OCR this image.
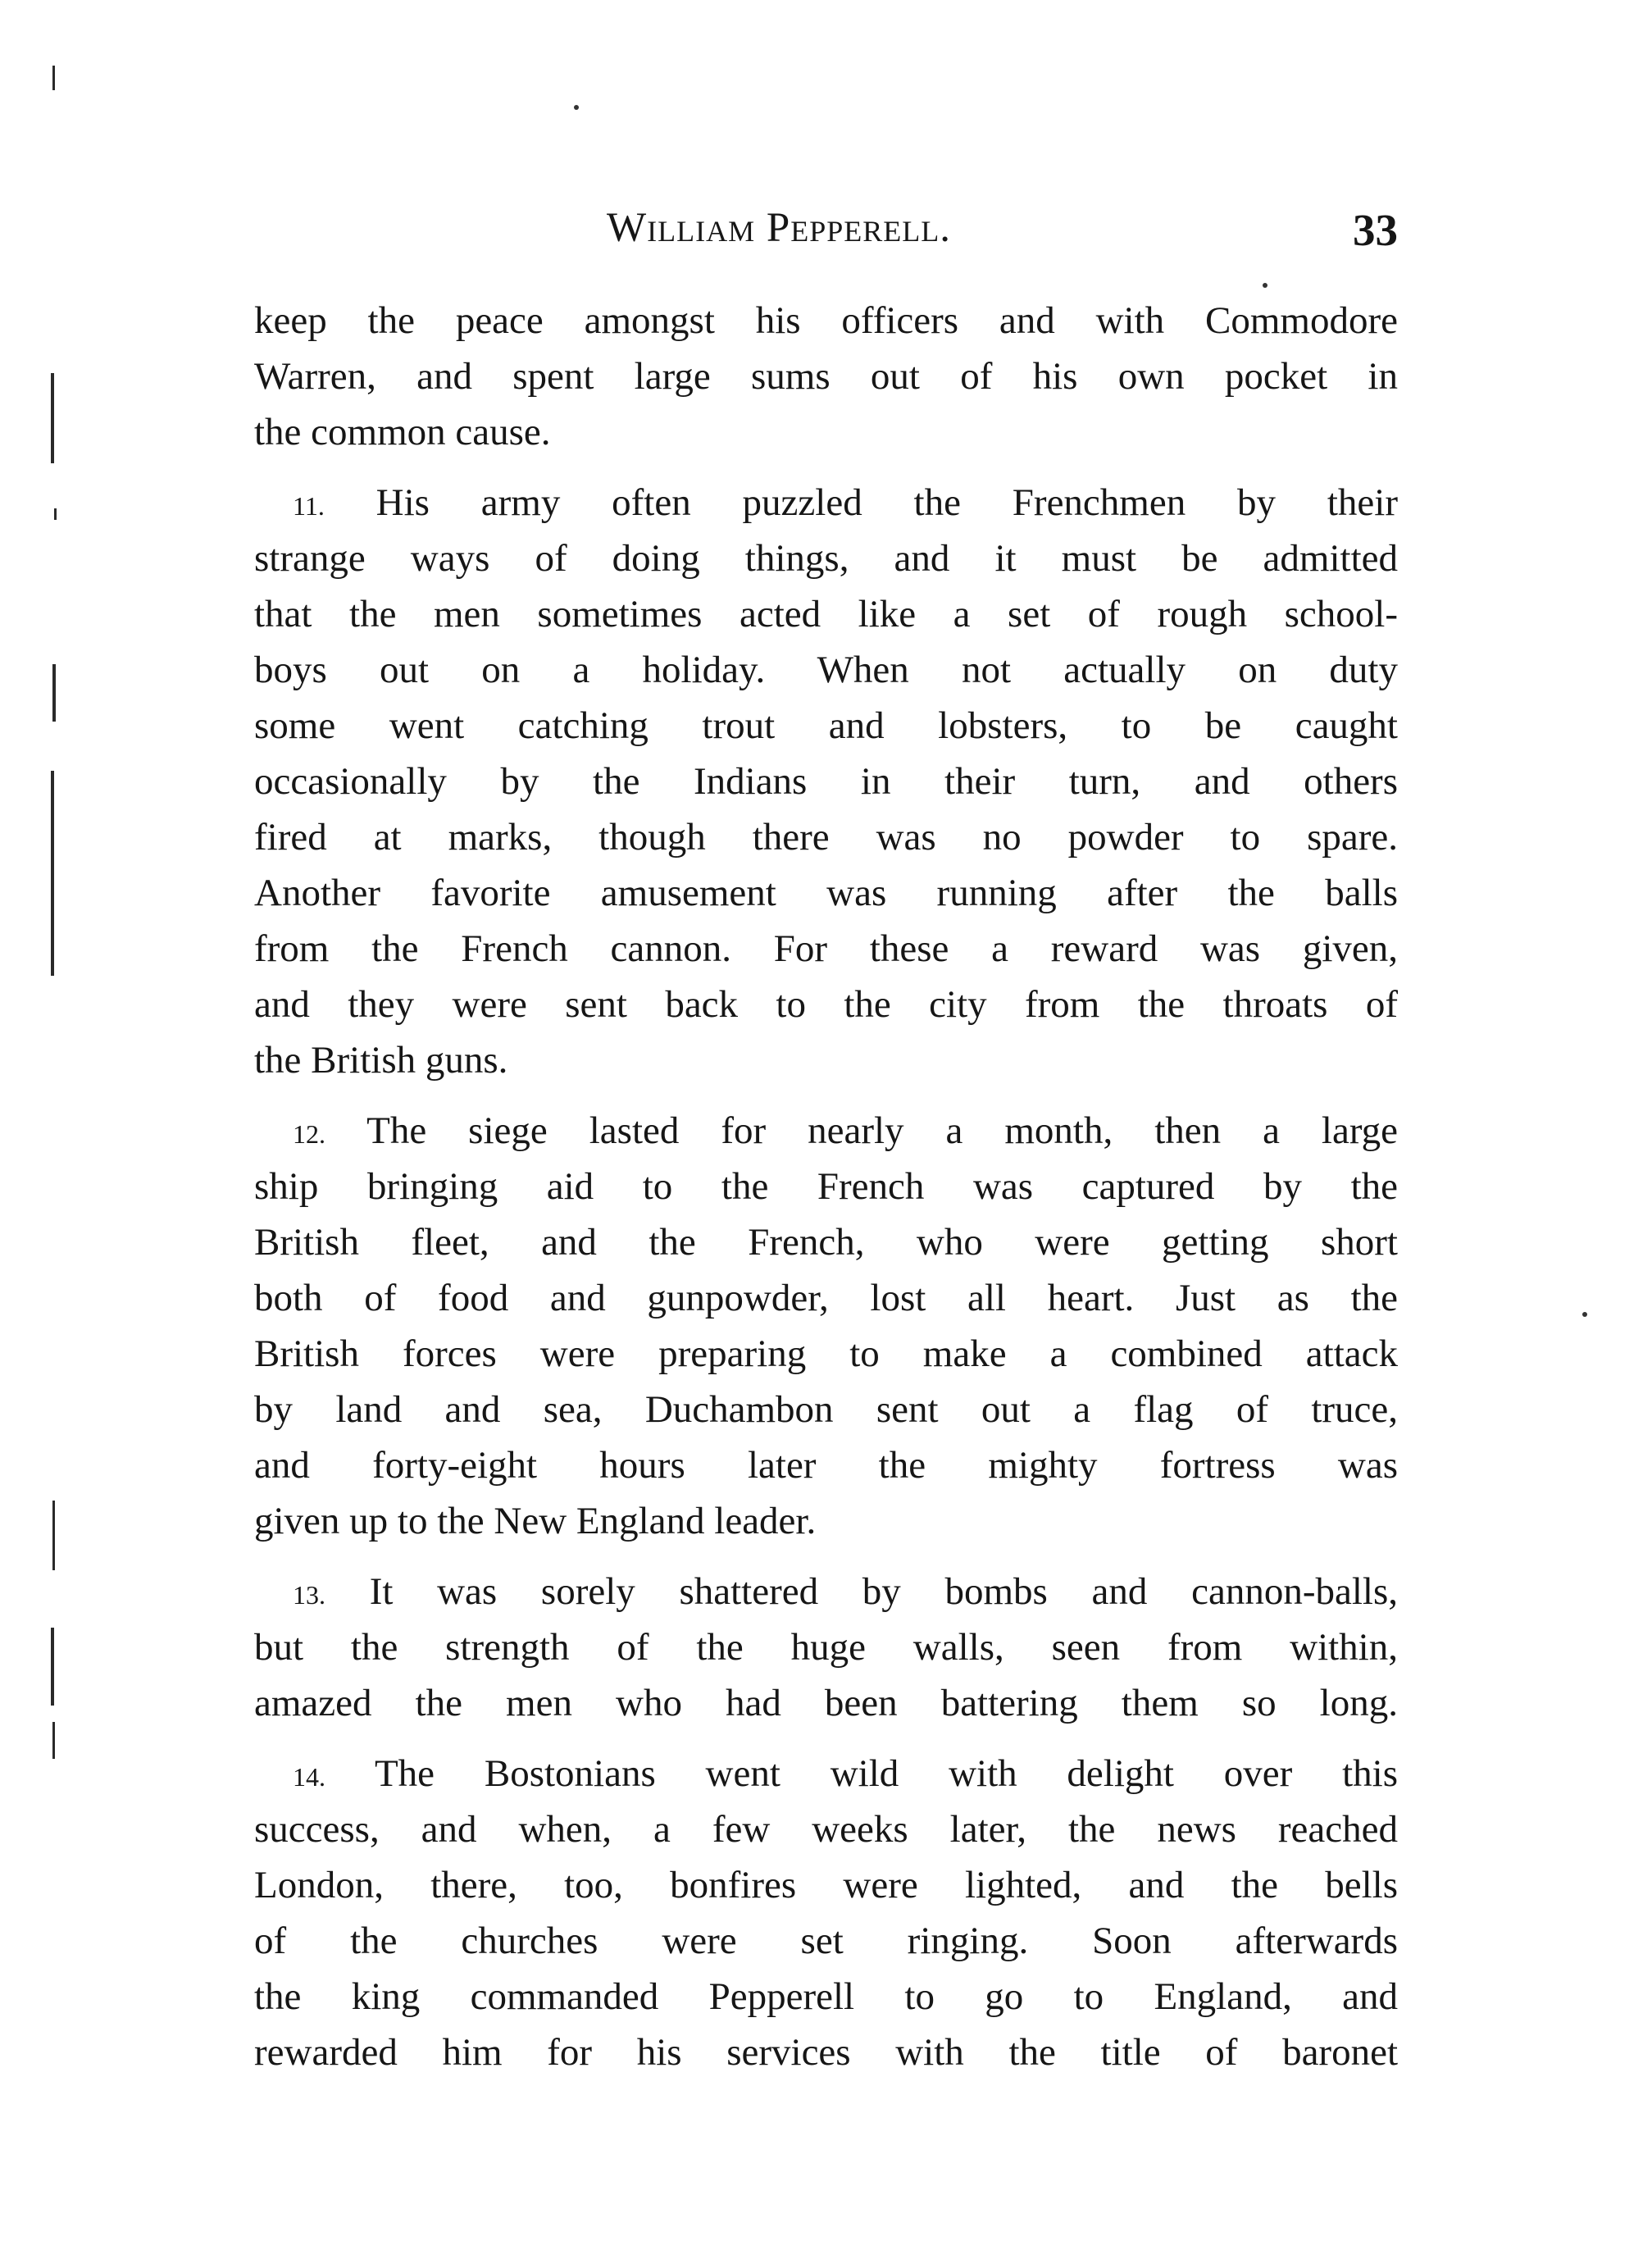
William Pepperell.	33

keep the peace amongst his officers and with Commodore
Warren, and spent large sums out of his own pocket in
the common cause.

 11. His army often puzzled the Frenchmen by their
strange ways of doing things, and it must be admitted
that the men sometimes acted like a set of rough school-
boys out on a holiday. When not actually on duty
some went catching trout and lobsters, to be caught
occasionally by the Indians in their turn, and others
fired at marks, though there was no powder to spare.
Another favorite amusement was running after the balls
from the French cannon. For these a reward was given,
and they were sent back to the city from the throats of
the British guns.

 12. The siege lasted for nearly a month, then a large
ship bringing aid to the French was captured by the
British fleet, and the French, who were getting short
both of food and gunpowder, lost all heart. Just as the
British forces were preparing to make a combined attack
by land and sea, Duchambon sent out a flag of truce,
and forty-eight hours later the mighty fortress was
given up to the New England leader.

 13. It was sorely shattered by bombs and cannon-balls,
but the strength of the huge walls, seen from within,
amazed the men who had been battering them so long.

 14. The Bostonians went wild with delight over this
success, and when, a few weeks later, the news reached
London, there, too, bonfires were lighted, and the bells
of the churches were set ringing. Soon afterwards
the king commanded Pepperell to go to England, and
rewarded him for his services with the title of baronet
